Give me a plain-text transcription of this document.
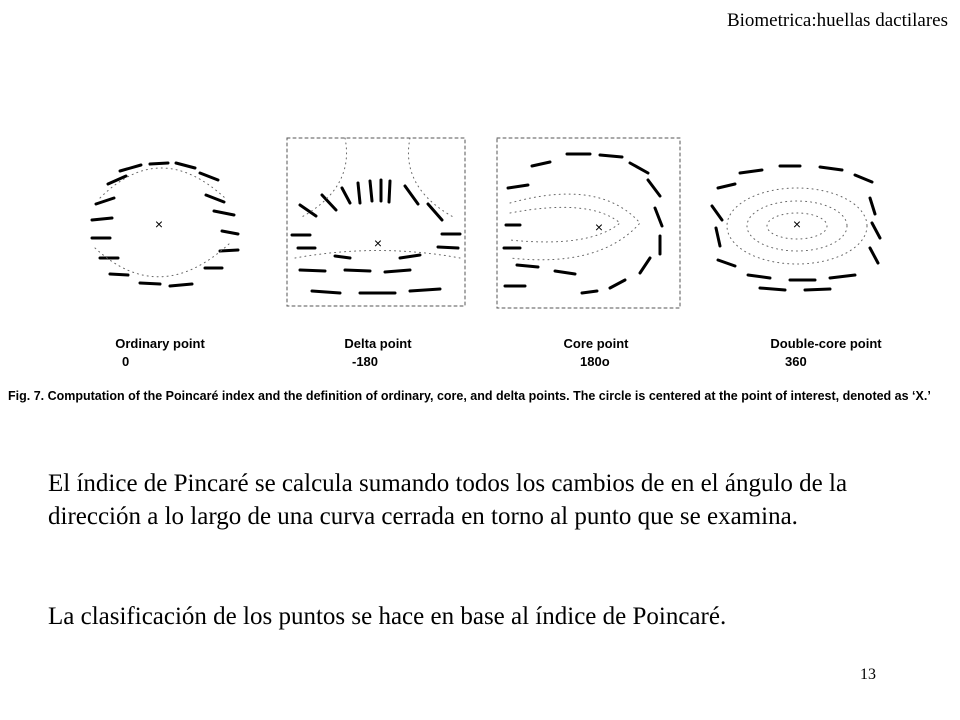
Biometrica:huellas dactilares
×
×
×	×
Ordinary point
0
Delta point
-180
Core point
180o
Double-core point
360
Fig. 7. Computation of the Poincaré index and the definition of ordinary, core, and delta points. The circle is centered at the point of interest, denoted as ‘X.’

El índice de Pincaré se calcula sumando todos los cambios de en el ángulo de la dirección a lo largo de una curva cerrada en torno al punto que se examina.

La clasificación de los puntos se hace en base al índice de Poincaré.

13
